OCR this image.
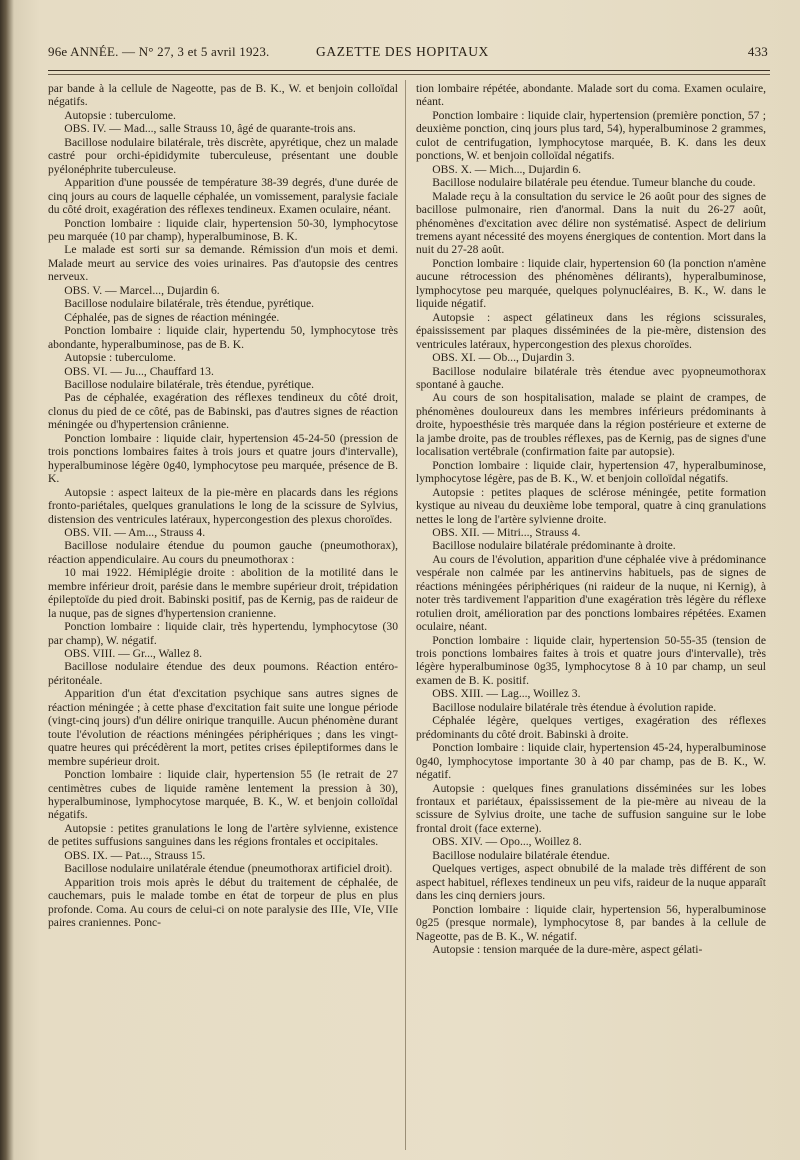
96e ANNÉE. — N° 27, 3 et 5 avril 1923.	GAZETTE DES HOPITAUX	433

par bande à la cellule de Nageotte, pas de B. K., W. et benjoin colloïdal négatifs.

Autopsie : tuberculome.

OBS. IV. — Mad..., salle Strauss 10, âgé de quarante-trois ans.

Bacillose nodulaire bilatérale, très discrète, apyrétique, chez un malade castré pour orchi-épididymite tuberculeuse, présentant une double pyélonéphrite tuberculeuse.

Apparition d'une poussée de température 38-39 degrés, d'une durée de cinq jours au cours de laquelle céphalée, un vomissement, paralysie faciale du côté droit, exagération des réflexes tendineux. Examen oculaire, néant.

Ponction lombaire : liquide clair, hypertension 50-30, lymphocytose peu marquée (10 par champ), hyperalbuminose, B. K.

Le malade est sorti sur sa demande. Rémission d'un mois et demi. Malade meurt au service des voies urinaires. Pas d'autopsie des centres nerveux.

OBS. V. — Marcel..., Dujardin 6.

Bacillose nodulaire bilatérale, très étendue, pyrétique.

Céphalée, pas de signes de réaction méningée.

Ponction lombaire : liquide clair, hypertendu 50, lymphocytose très abondante, hyperalbuminose, pas de B. K.

Autopsie : tuberculome.

OBS. VI. — Ju..., Chauffard 13.

Bacillose nodulaire bilatérale, très étendue, pyrétique.

Pas de céphalée, exagération des réflexes tendineux du côté droit, clonus du pied de ce côté, pas de Babinski, pas d'autres signes de réaction méningée ou d'hypertension crânienne.

Ponction lombaire : liquide clair, hypertension 45-24-50 (pression de trois ponctions lombaires faites à trois jours et quatre jours d'intervalle), hyperalbuminose légère 0g40, lymphocytose peu marquée, présence de B. K.

Autopsie : aspect laiteux de la pie-mère en placards dans les régions fronto-pariétales, quelques granulations le long de la scissure de Sylvius, distension des ventricules latéraux, hypercongestion des plexus choroïdes.

OBS. VII. — Am..., Strauss 4.

Bacillose nodulaire étendue du poumon gauche (pneumothorax), réaction appendiculaire. Au cours du pneumothorax :

10 mai 1922. Hémiplégie droite : abolition de la motilité dans le membre inférieur droit, parésie dans le membre supérieur droit, trépidation épileptoïde du pied droit. Babinski positif, pas de Kernig, pas de raideur de la nuque, pas de signes d'hypertension cranienne.

Ponction lombaire : liquide clair, très hypertendu, lymphocytose (30 par champ), W. négatif.

OBS. VIII. — Gr..., Wallez 8.

Bacillose nodulaire étendue des deux poumons. Réaction entéro-péritonéale.

Apparition d'un état d'excitation psychique sans autres signes de réaction méningée ; à cette phase d'excitation fait suite une longue période (vingt-cinq jours) d'un délire onirique tranquille. Aucun phénomène durant toute l'évolution de réactions méningées périphériques ; dans les vingt-quatre heures qui précédèrent la mort, petites crises épileptiformes dans le membre supérieur droit.

Ponction lombaire : liquide clair, hypertension 55 (le retrait de 27 centimètres cubes de liquide ramène lentement la pression à 30), hyperalbuminose, lymphocytose marquée, B. K., W. et benjoin colloïdal négatifs.

Autopsie : petites granulations le long de l'artère sylvienne, existence de petites suffusions sanguines dans les régions frontales et occipitales.

OBS. IX. — Pat..., Strauss 15.

Bacillose nodulaire unilatérale étendue (pneumothorax artificiel droit).

Apparition trois mois après le début du traitement de céphalée, de cauchemars, puis le malade tombe en état de torpeur de plus en plus profonde. Coma. Au cours de celui-ci on note paralysie des IIIe, VIe, VIIe paires craniennes. Ponc-

tion lombaire répétée, abondante. Malade sort du coma. Examen oculaire, néant.

Ponction lombaire : liquide clair, hypertension (première ponction, 57 ; deuxième ponction, cinq jours plus tard, 54), hyperalbuminose 2 grammes, culot de centrifugation, lymphocytose marquée, B. K. dans les deux ponctions, W. et benjoin colloïdal négatifs.

OBS. X. — Mich..., Dujardin 6.

Bacillose nodulaire bilatérale peu étendue. Tumeur blanche du coude.

Malade reçu à la consultation du service le 26 août pour des signes de bacillose pulmonaire, rien d'anormal. Dans la nuit du 26-27 août, phénomènes d'excitation avec délire non systématisé. Aspect de delirium tremens ayant nécessité des moyens énergiques de contention. Mort dans la nuit du 27-28 août.

Ponction lombaire : liquide clair, hypertension 60 (la ponction n'amène aucune rétrocession des phénomènes délirants), hyperalbuminose, lymphocytose peu marquée, quelques polynucléaires, B. K., W. dans le liquide négatif.

Autopsie : aspect gélatineux dans les régions scissurales, épaississement par plaques disséminées de la pie-mère, distension des ventricules latéraux, hypercongestion des plexus choroïdes.

OBS. XI. — Ob..., Dujardin 3.

Bacillose nodulaire bilatérale très étendue avec pyopneumothorax spontané à gauche.

Au cours de son hospitalisation, malade se plaint de crampes, de phénomènes douloureux dans les membres inférieurs prédominants à droite, hypoesthésie très marquée dans la région postérieure et externe de la jambe droite, pas de troubles réflexes, pas de Kernig, pas de signes d'une localisation vertébrale (confirmation faite par autopsie).

Ponction lombaire : liquide clair, hypertension 47, hyperalbuminose, lymphocytose légère, pas de B. K., W. et benjoin colloïdal négatifs.

Autopsie : petites plaques de sclérose méningée, petite formation kystique au niveau du deuxième lobe temporal, quatre à cinq granulations nettes le long de l'artère sylvienne droite.

OBS. XII. — Mitri..., Strauss 4.

Bacillose nodulaire bilatérale prédominante à droite.

Au cours de l'évolution, apparition d'une céphalée vive à prédominance vespérale non calmée par les antinervins habituels, pas de signes de réactions méningées périphériques (ni raideur de la nuque, ni Kernig), à noter très tardivement l'apparition d'une exagération très légère du réflexe rotulien droit, amélioration par des ponctions lombaires répétées. Examen oculaire, néant.

Ponction lombaire : liquide clair, hypertension 50-55-35 (tension de trois ponctions lombaires faites à trois et quatre jours d'intervalle), très légère hyperalbuminose 0g35, lymphocytose 8 à 10 par champ, un seul examen de B. K. positif.

OBS. XIII. — Lag..., Woillez 3.

Bacillose nodulaire bilatérale très étendue à évolution rapide.

Céphalée légère, quelques vertiges, exagération des réflexes prédominants du côté droit. Babinski à droite.

Ponction lombaire : liquide clair, hypertension 45-24, hyperalbuminose 0g40, lymphocytose importante 30 à 40 par champ, pas de B. K., W. négatif.

Autopsie : quelques fines granulations disséminées sur les lobes frontaux et pariétaux, épaississement de la pie-mère au niveau de la scissure de Sylvius droite, une tache de suffusion sanguine sur le lobe frontal droit (face externe).

OBS. XIV. — Opo..., Woillez 8.

Bacillose nodulaire bilatérale étendue.

Quelques vertiges, aspect obnubilé de la malade très différent de son aspect habituel, réflexes tendineux un peu vifs, raideur de la nuque apparaît dans les cinq derniers jours.

Ponction lombaire : liquide clair, hypertension 56, hyperalbuminose 0g25 (presque normale), lymphocytose 8, par bandes à la cellule de Nageotte, pas de B. K., W. négatif.

Autopsie : tension marquée de la dure-mère, aspect gélati-
